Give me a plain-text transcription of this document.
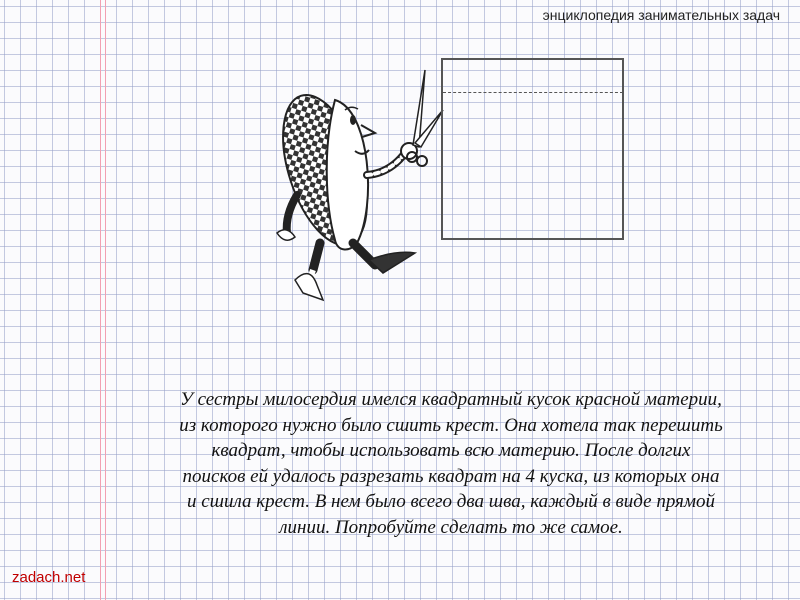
энциклопедия занимательных задач
У сестры милосердия имелся квадратный кусок красной материи,
из которого нужно было сшить крест. Она хотела так перешить
квадрат, чтобы использовать всю материю. После долгих
поисков ей удалось разрезать квадрат на 4 куска, из которых она
и сшила крест. В нем было всего два шва, каждый в виде прямой
линии. Попробуйте сделать то же самое.
zadach.net
